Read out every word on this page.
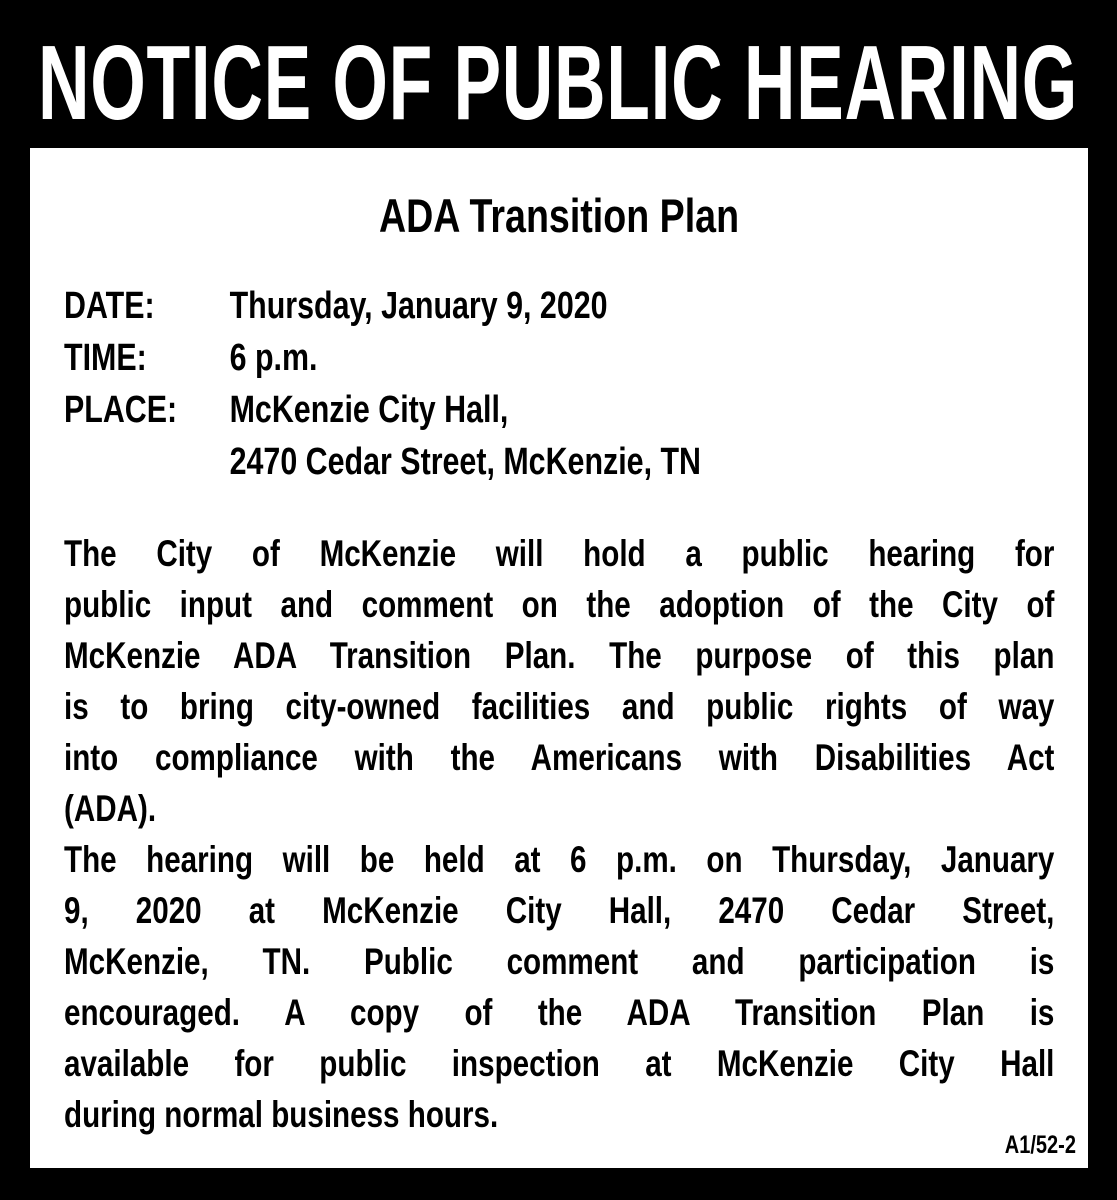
NOTICE OF PUBLIC HEARING
ADA Transition Plan
DATE:	Thursday, January 9, 2020
TIME:	6 p.m.
PLACE:	McKenzie City Hall,
2470 Cedar Street, McKenzie, TN
The City of McKenzie will hold a public hearing for
public input and comment on the adoption of the City of
McKenzie ADA Transition Plan. The purpose of this plan
is to bring city-owned facilities and public rights of way
into compliance with the Americans with Disabilities Act
(ADA).
The hearing will be held at 6 p.m. on Thursday, January
9, 2020 at McKenzie City Hall, 2470 Cedar Street,
McKenzie, TN. Public comment and participation is
encouraged. A copy of the ADA Transition Plan is
available for public inspection at McKenzie City Hall
during normal business hours.
A1/52-2
